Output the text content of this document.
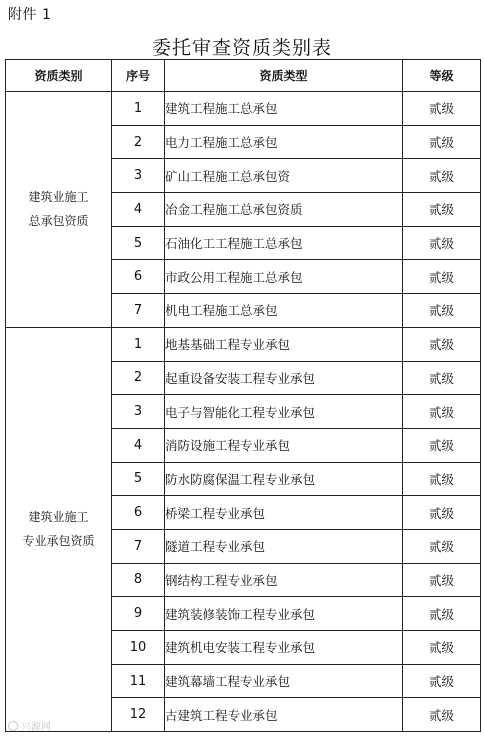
附件 1
委托审查资质类别表
资质类别	序号	资质类型	等级

建筑业施工
总承包资质	1	建筑工程施工总承包	贰级
	2	电力工程施工总承包	贰级
	3	矿山工程施工总承包资	贰级
	4	冶金工程施工总承包资质	贰级
	5	石油化工工程施工总承包	贰级
	6	市政公用工程施工总承包	贰级
	7	机电工程施工总承包	贰级

建筑业施工
专业承包资质	1	地基基础工程专业承包	贰级
	2	起重设备安装工程专业承包	贰级
	3	电子与智能化工程专业承包	贰级
	4	消防设施工程专业承包	贰级
	5	防水防腐保温工程专业承包	贰级
	6	桥梁工程专业承包	贰级
	7	隧道工程专业承包	贰级
	8	钢结构工程专业承包	贰级
	9	建筑装修装饰工程专业承包	贰级
	10	建筑机电安装工程专业承包	贰级
	11	建筑幕墙工程专业承包	贰级
	12	古建筑工程专业承包	贰级
兴源网
